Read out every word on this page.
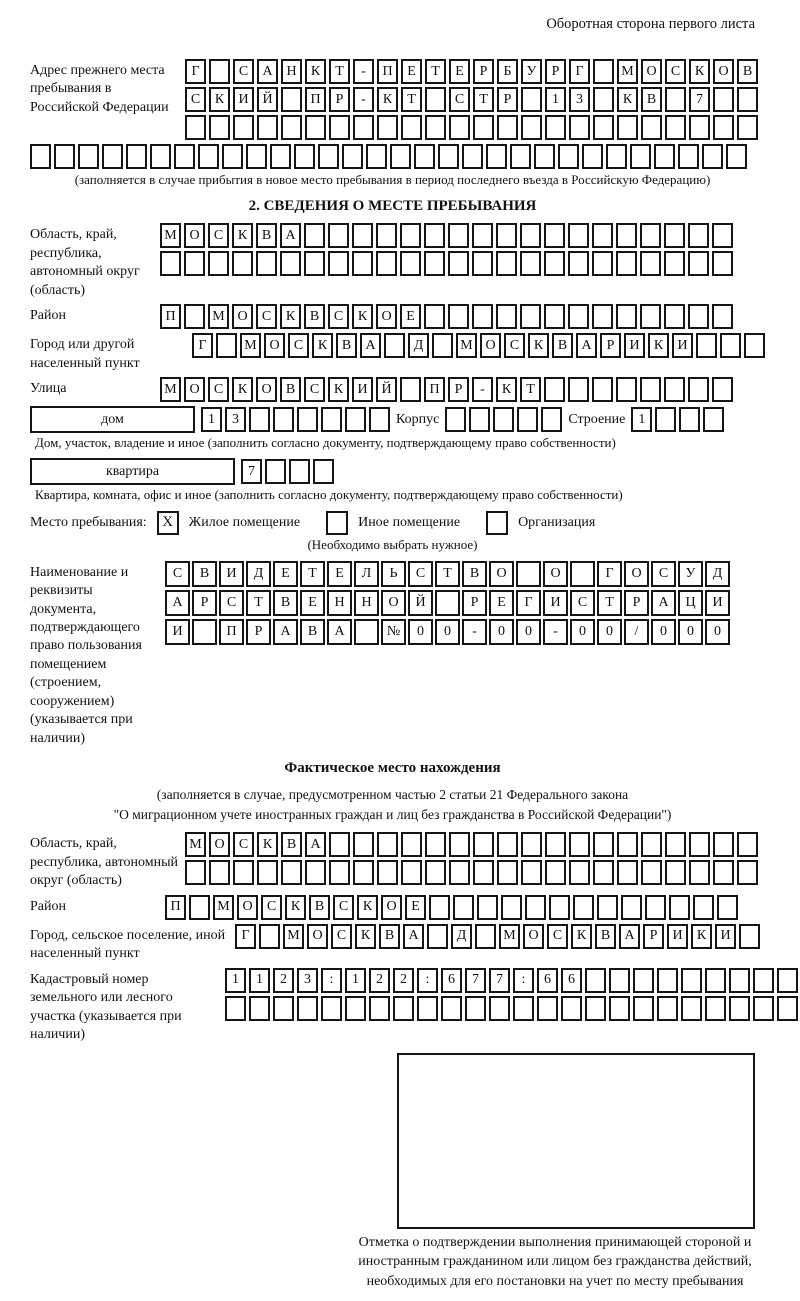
Оборотная сторона первого листа
Адрес прежнего места пребывания в Российской Федерации
Г	С	А Н	К	Т	-	П	Е	Т	Е	Р	Б	У	Р	Г	М О	С	К	О	В
С	К	И Й	П	Р	-	К	Т	С	Т	Р	1	3	К	В	7
(заполняется в случае прибытия в новое место пребывания в период последнего въезда в Российскую Федерацию)
2. СВЕДЕНИЯ О МЕСТЕ ПРЕБЫВАНИЯ
Область, край, республика, автономный округ (область)
М О	С	К	В	А
Район	П	М О	С	К	В	С	К	О	Е
Город или другой населенный пункт
Г	М О	С	К	В	А	Д	М О	С	К	В	А	Р	И	К	И
Улица	М О	С	К	О	В	С	К	И Й	П	Р	-	К	Т
дом	1	3	Корпус	Строение 1
Дом, участок, владение и иное (заполнить согласно документу, подтверждающему право собственности)
квартира	7
Квартира, комната, офис и иное (заполнить согласно документу, подтверждающему право собственности)
Место пребывания:	X	Жилое помещение	Иное помещение	Организация
(Необходимо выбрать нужное)
Наименование и реквизиты документа, подтверждающего право пользования помещением (строением, сооружением) (указывается при наличии)
С	В	И	Д	Е	Т	Е	Л	Ь	С	Т	В	О	О	Г	О	С	У	Д
А	Р	С	Т	В	Е	Н	Н	О	Й	Р	Е	Г	И	С	Т	Р	А	Ц	И
И	П	Р	А	В	А	№	0	0	-	0	0	-	0	0	/	0	0	0
Фактическое место нахождения
(заполняется в случае, предусмотренном частью 2 статьи 21 Федерального закона
"О миграционном учете иностранных граждан и лиц без гражданства в Российской Федерации")
Область, край, республика, автономный округ (область)
М О	С	К	В	А
Район	П	М О	С	К	В	С	К	О	Е
Город, сельское поселение, иной населенный пункт
Г	М О	С	К	В	А	Д	М О	С	К	В	А	Р	И	К	И
Кадастровый номер земельного или лесного участка (указывается при наличии)
1	1	2	3	:	1	2	2	:	6	7	7	:	6	6
Отметка о подтверждении выполнения принимающей стороной и иностранным гражданином или лицом без гражданства действий, необходимых для его постановки на учет по месту пребывания
